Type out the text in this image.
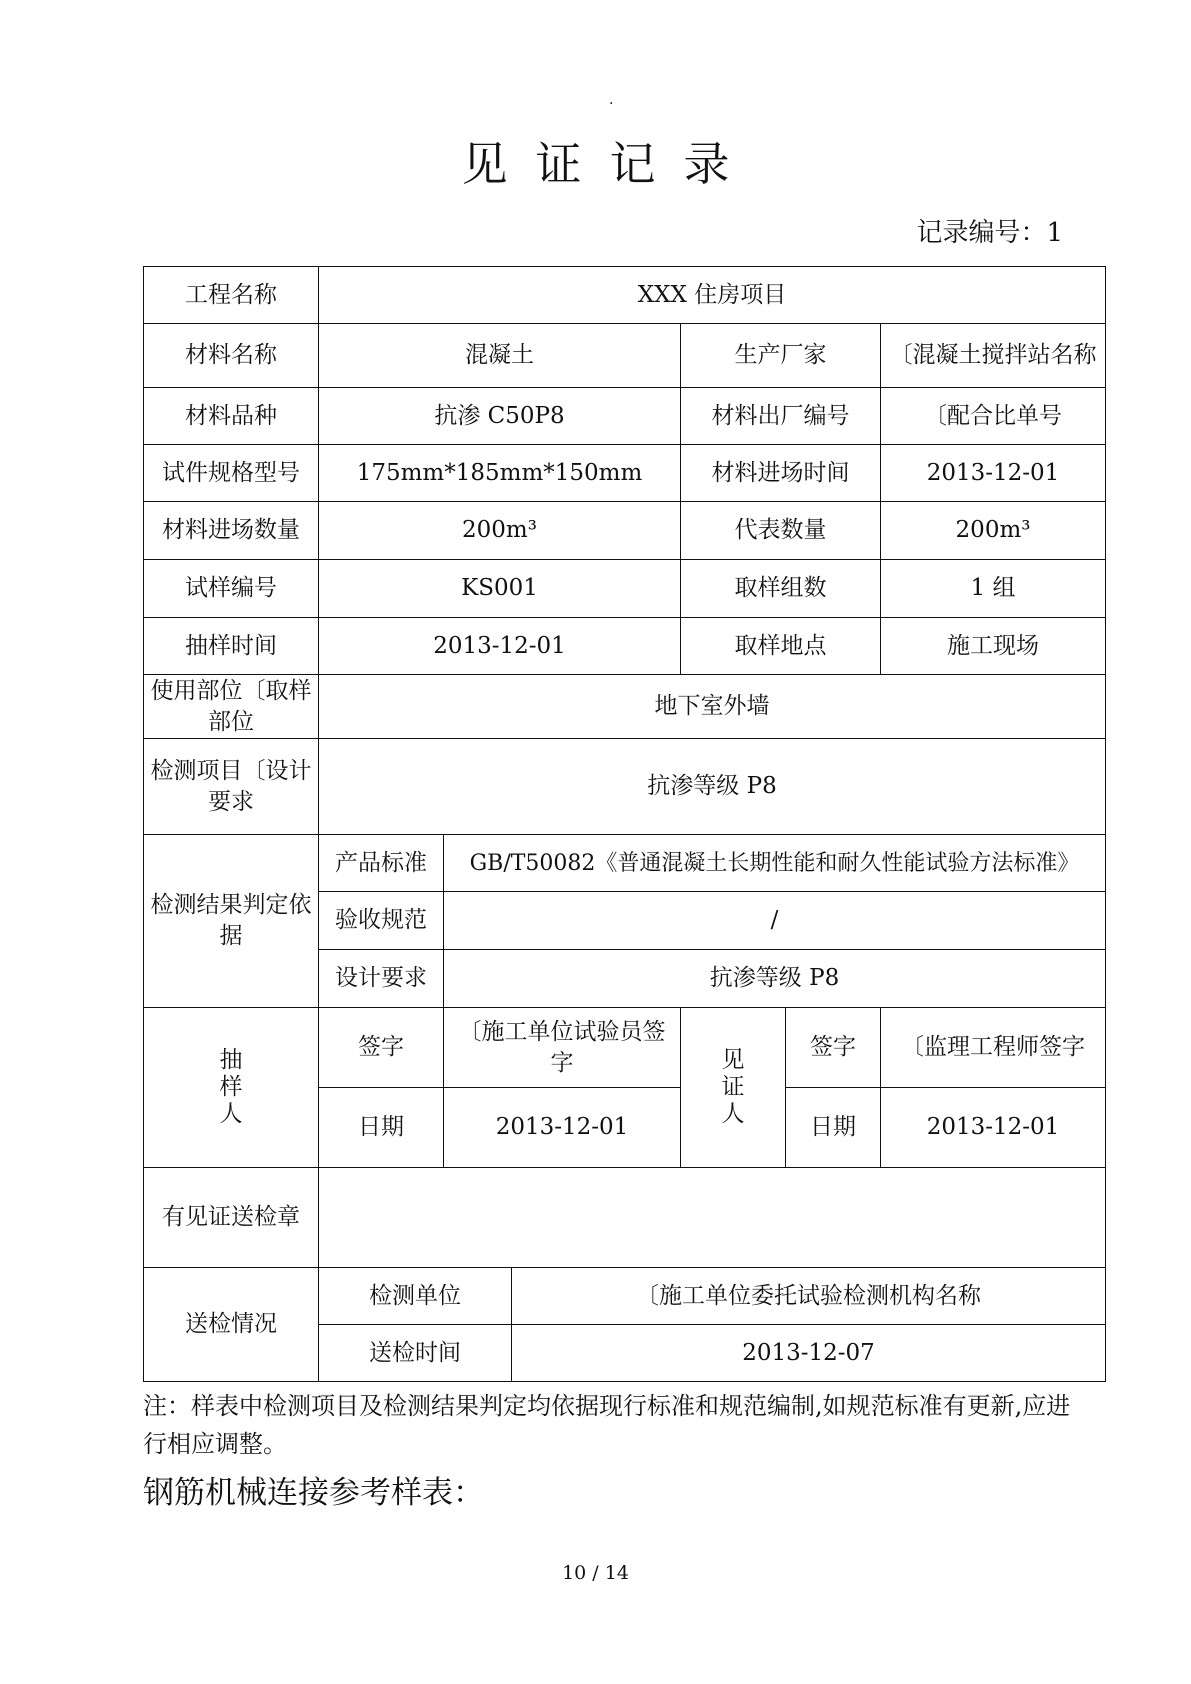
.
见证记录
记录编号：1
工程名称	XXX 住房项目					
材料名称	混凝土			生产厂家		〔混凝土搅拌站名称
材料品种	抗渗 C50P8			材料出厂编号		〔配合比单号
试件规格型号	175mm*185mm*150mm			材料进场时间		2013-12-01
材料进场数量	200m³			代表数量		200m³
试样编号	KS001			取样组数		1 组
抽样时间	2013-12-01			取样地点		施工现场
使用部位〔取样部位	地下室外墙					
检测项目〔设计要求	抗渗等级 P8					
检测结果判定依据	产品标准	GB/T50082《普通混凝土长期性能和耐久性能试验方法标准》				
	验收规范	/				
	设计要求	抗渗等级 P8				

抽样人	签字	〔施工单位试验员签字		见证人	签字	〔监理工程师签字
	日期	2013-12-01			日期	2013-12-01
有见证送检章						
送检情况	检测单位		〔施工单位委托试验检测机构名称			
	送检时间		2013-12-07			
注：样表中检测项目及检测结果判定均依据现行标准和规范编制,如规范标准有更新,应进行相应调整。
钢筋机械连接参考样表：
10 / 14
